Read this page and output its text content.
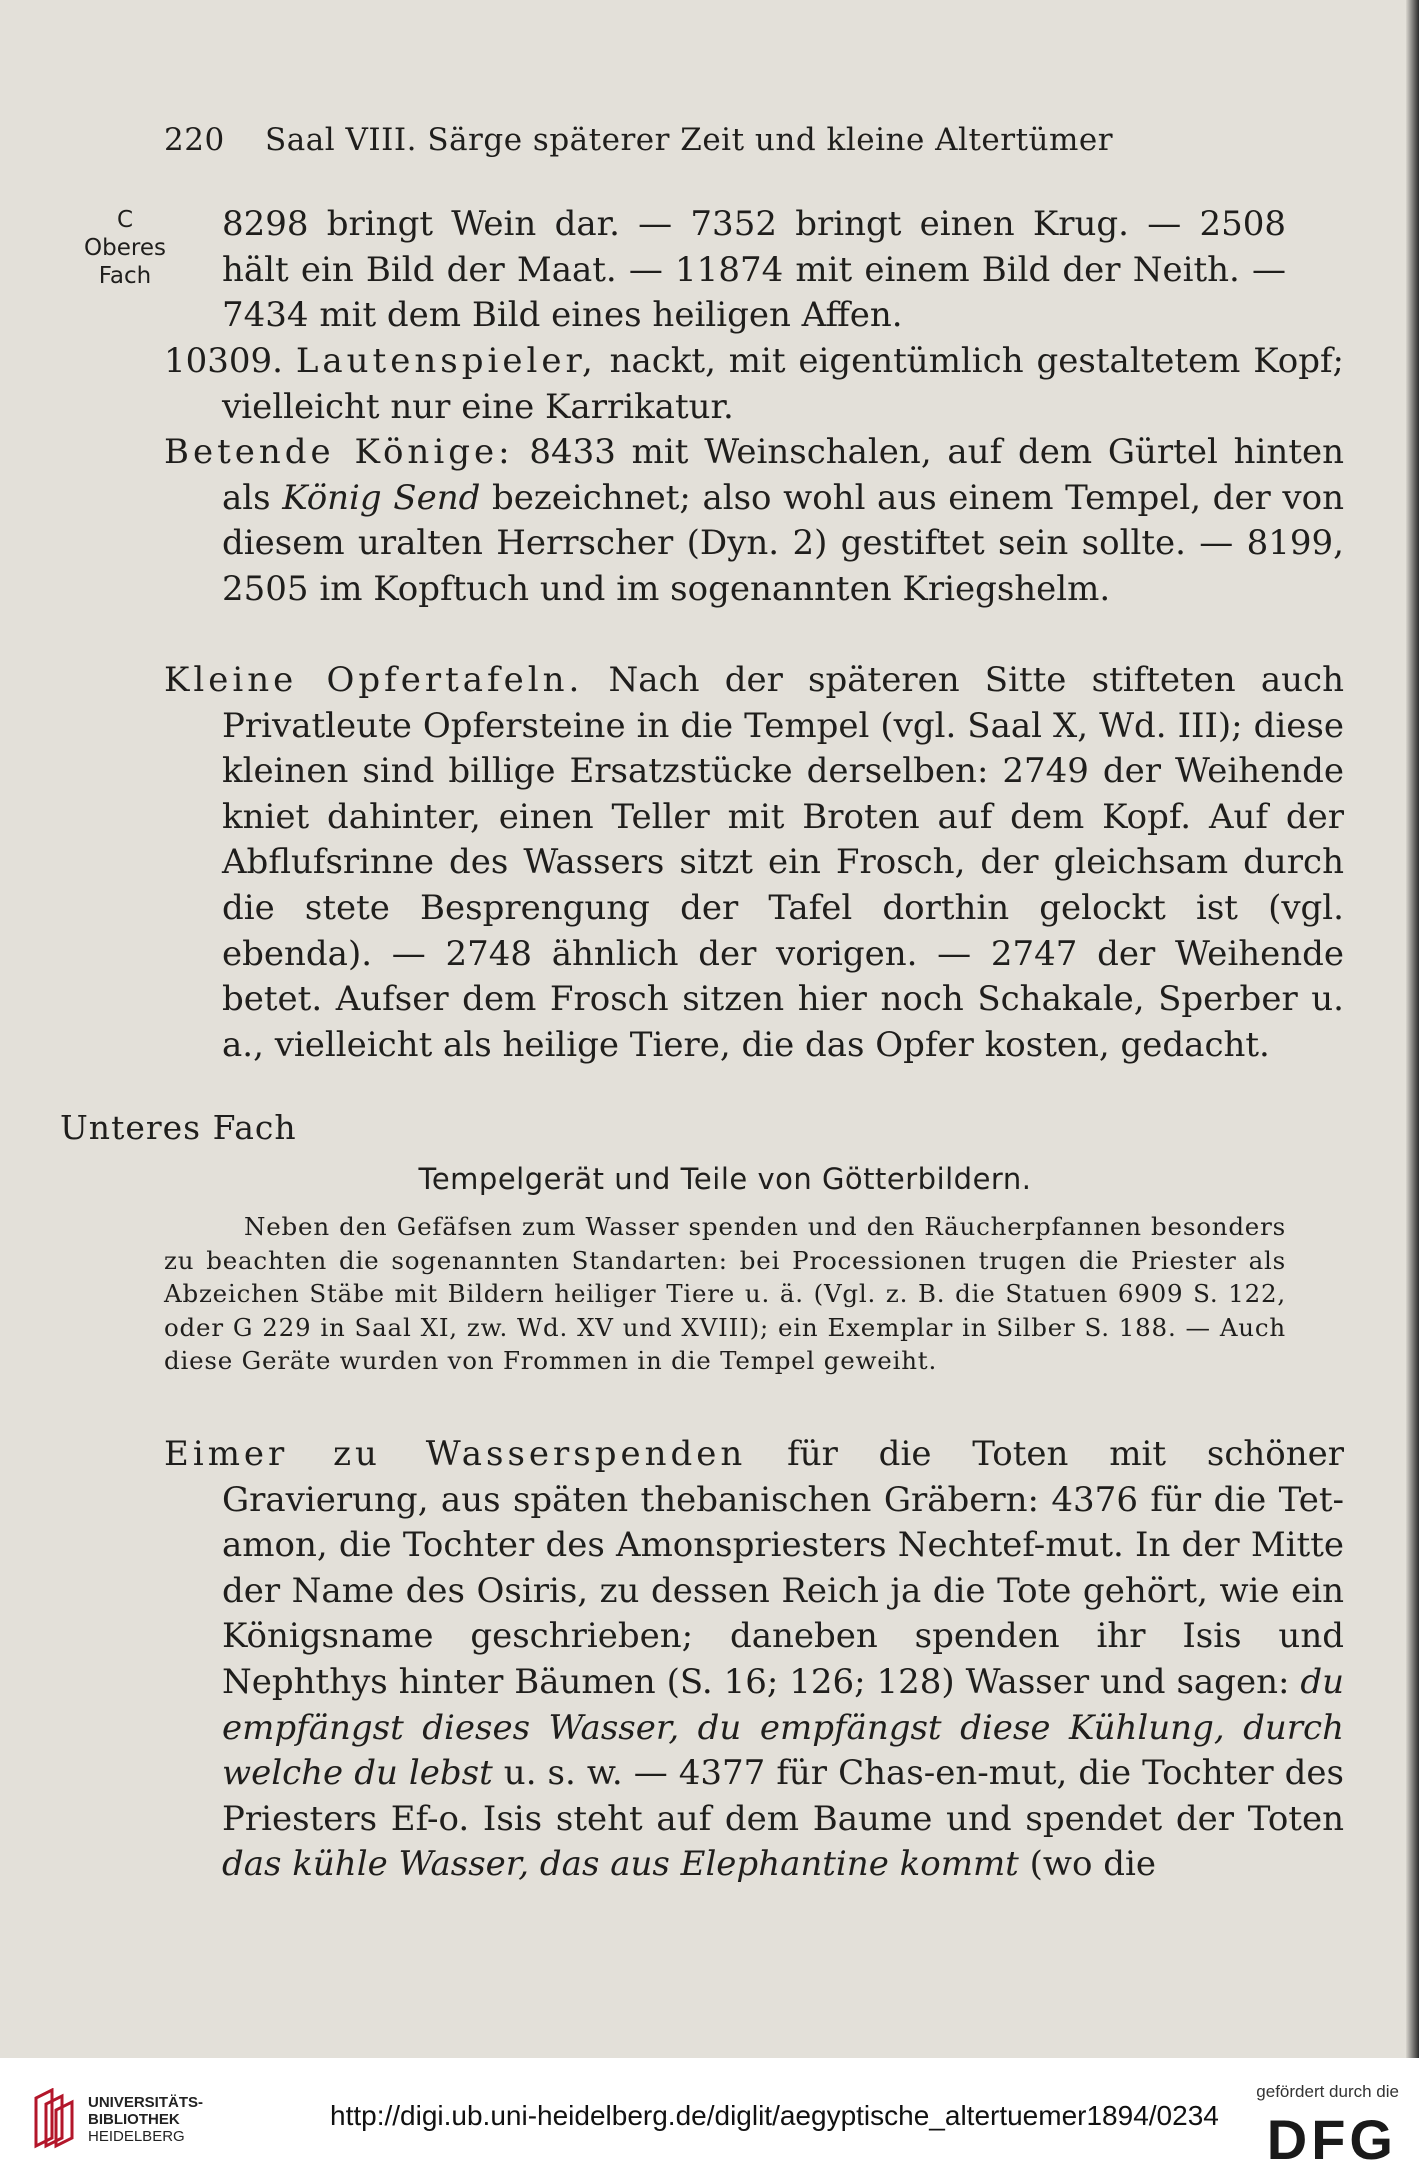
220 Saal VIII. Särge späterer Zeit und kleine Altertümer
C
Oberes
Fach

8298 bringt Wein dar. — 7352 bringt einen Krug. — 2508 hält ein Bild der Maat. — 11874 mit einem Bild der Neith. — 7434 mit dem Bild eines heiligen Affen.

10309. Lautenspieler, nackt, mit eigentümlich gestaltetem Kopf; vielleicht nur eine Karrikatur.

Betende Könige: 8433 mit Weinschalen, auf dem Gürtel hinten als König Send bezeichnet; also wohl aus einem Tempel, der von diesem uralten Herrscher (Dyn. 2) gestiftet sein sollte. — 8199, 2505 im Kopftuch und im sogenannten Kriegshelm.

Kleine Opfertafeln. Nach der späteren Sitte stifteten auch Privatleute Opfersteine in die Tempel (vgl. Saal X, Wd. III); diese kleinen sind billige Ersatzstücke derselben: 2749 der Weihende kniet dahinter, einen Teller mit Broten auf dem Kopf. Auf der Abflufsrinne des Wassers sitzt ein Frosch, der gleichsam durch die stete Besprengung der Tafel dorthin gelockt ist (vgl. ebenda). — 2748 ähnlich der vorigen. — 2747 der Weihende betet. Aufser dem Frosch sitzen hier noch Schakale, Sperber u. a., vielleicht als heilige Tiere, die das Opfer kosten, gedacht.

Unteres Fach
Tempelgerät und Teile von Götterbildern.

Neben den Gefäfsen zum Wasser spenden und den Räucherpfannen besonders zu beachten die sogenannten Standarten: bei Processionen trugen die Priester als Abzeichen Stäbe mit Bildern heiliger Tiere u. ä. (Vgl. z. B. die Statuen 6909 S. 122, oder G 229 in Saal XI, zw. Wd. XV und XVIII); ein Exemplar in Silber S. 188. — Auch diese Geräte wurden von Frommen in die Tempel geweiht.

Eimer zu Wasserspenden für die Toten mit schöner Gravierung, aus späten thebanischen Gräbern: 4376 für die Tet-amon, die Tochter des Amonspriesters Nechtef-mut. In der Mitte der Name des Osiris, zu dessen Reich ja die Tote gehört, wie ein Königsname geschrieben; daneben spenden ihr Isis und Nephthys hinter Bäumen (S. 16; 126; 128) Wasser und sagen: du empfängst dieses Wasser, du empfängst diese Kühlung, durch welche du lebst u. s. w. — 4377 für Chas-en-mut, die Tochter des Priesters Ef-o. Isis steht auf dem Baume und spendet der Toten das kühle Wasser, das aus Elephantine kommt (wo die

UNIVERSITÄTS-
BIBLIOTHEK
HEIDELBERG
http://digi.ub.uni-heidelberg.de/diglit/aegyptische_altertuemer1894/0234
gefördert durch die
DFG
